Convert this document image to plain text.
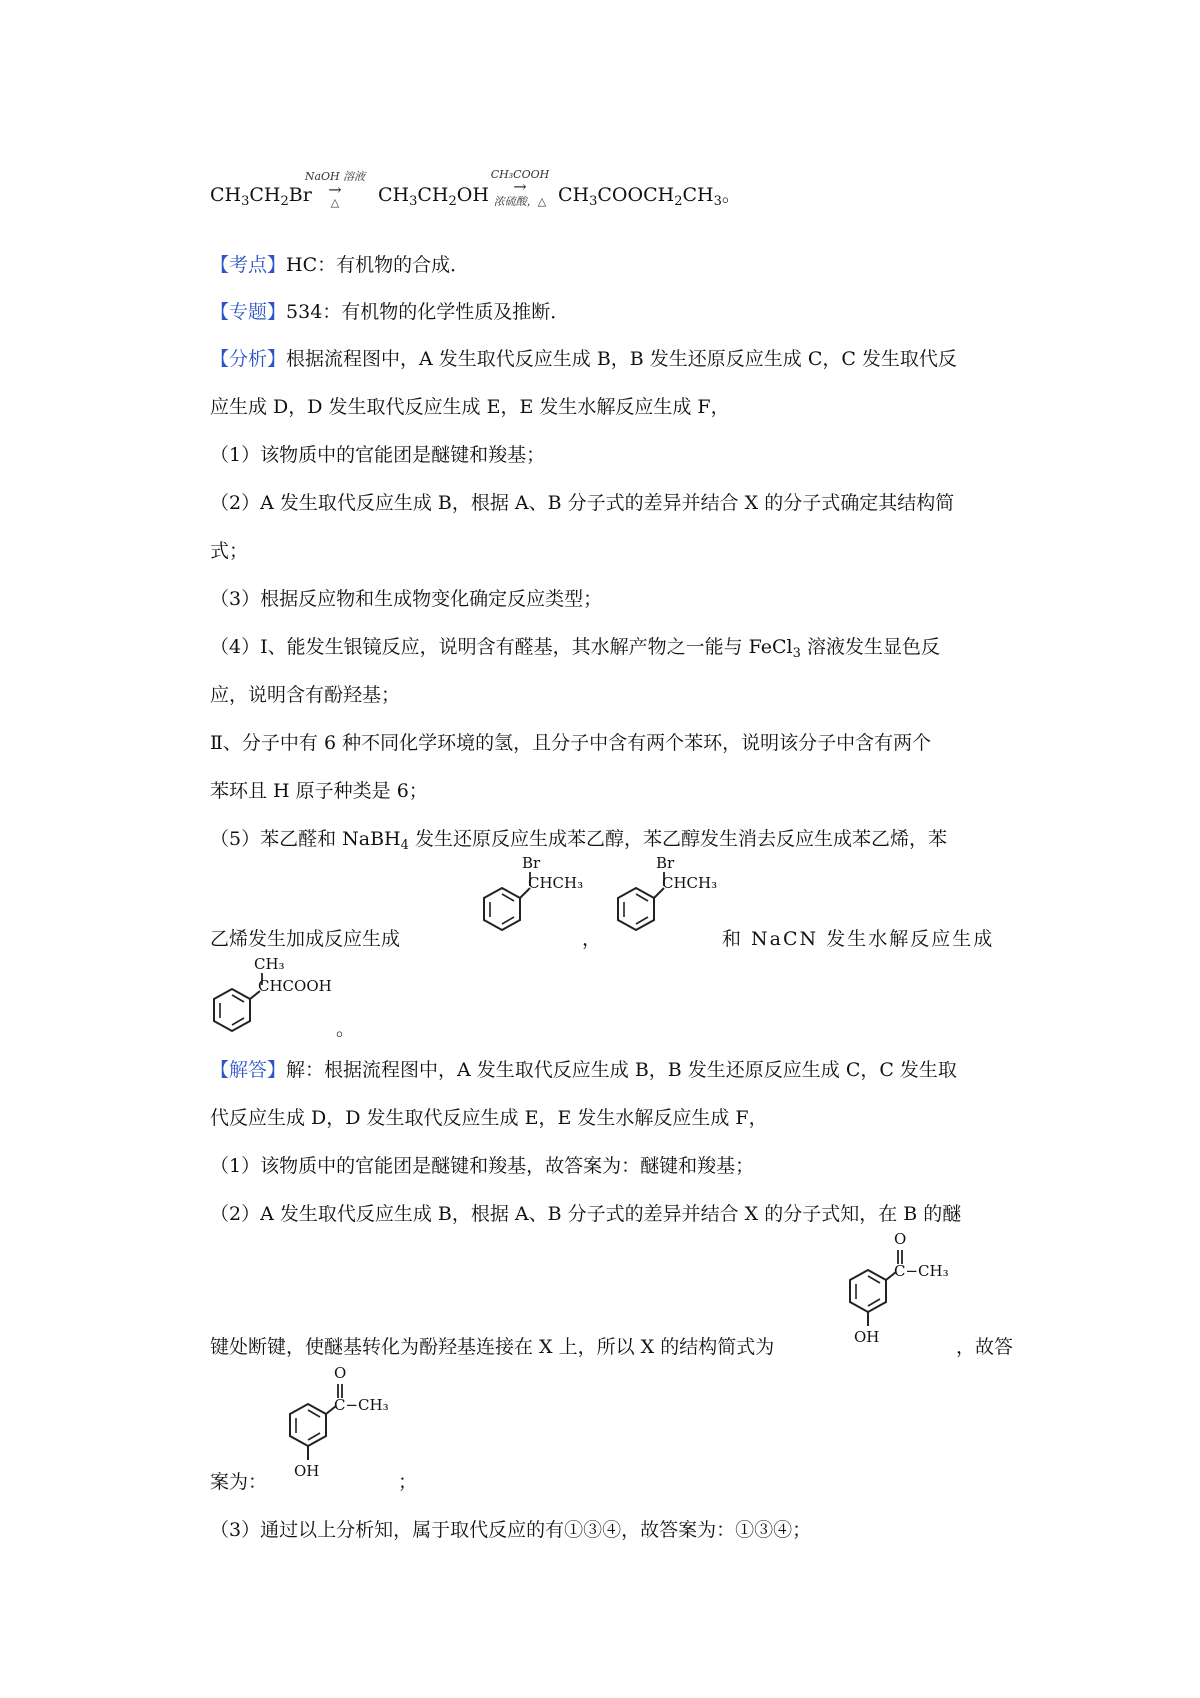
$CH_3CH_2Br$
NaOH 溶液
→
△	$CH_3CH_2OH$
CH₃COOH
→
浓硫酸，△ $CH_3COOCH_2CH_3$。
【考点】HC：有机物的合成．
【专题】534：有机物的化学性质及推断．
【分析】根据流程图中，A 发生取代反应生成 B，B 发生还原反应生成 C，C 发生取代反
应生成 D，D 发生取代反应生成 E，E 发生水解反应生成 F，
（1）该物质中的官能团是醚键和羧基；
（2）A 发生取代反应生成 B，根据 A、B 分子式的差异并结合 X 的分子式确定其结构简
式；
（3）根据反应物和生成物变化确定反应类型；
（4）Ⅰ、能发生银镜反应，说明含有醛基，其水解产物之一能与 FeCl$_3$ 溶液发生显色反
应，说明含有酚羟基；
Ⅱ、分子中有 6 种不同化学环境的氢，且分子中含有两个苯环，说明该分子中含有两个
苯环且 H 原子种类是 6；
（5）苯乙醛和 NaBH$_4$ 发生还原反应生成苯乙醇，苯乙醇发生消去反应生成苯乙烯，苯
乙烯发生加成反应生成	，	和 NaCN 发生水解反应生成
Br
CHCH₃
Br
CHCH₃
CH₃
CHCOOH
。
【解答】解：根据流程图中，A 发生取代反应生成 B，B 发生还原反应生成 C，C 发生取
代反应生成 D，D 发生取代反应生成 E，E 发生水解反应生成 F，
（1）该物质中的官能团是醚键和羧基，故答案为：醚键和羧基；
（2）A 发生取代反应生成 B，根据 A、B 分子式的差异并结合 X 的分子式知，在 B 的醚
O
C−CH₃
OH
键处断键，使醚基转化为酚羟基连接在 X 上，所以 X 的结构简式为	，故答
O
C−CH₃
OH
案为：	；
（3）通过以上分析知，属于取代反应的有①③④，故答案为：①③④；
